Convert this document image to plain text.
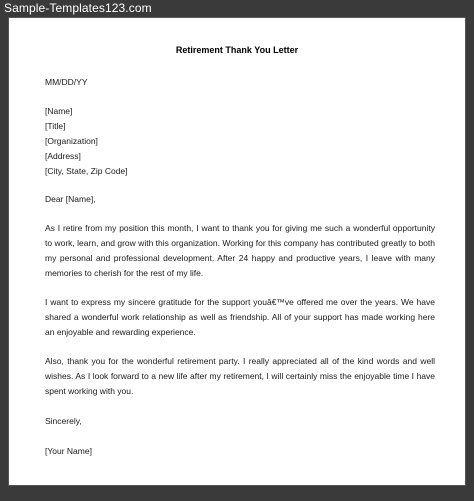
Sample-Templates123.com
Retirement Thank You Letter
MM/DD/YY
[Name]
[Title]
[Organization]
[Address]
[City, State, Zip Code]
Dear [Name],

As I retire from my position this month, I want to thank you for giving me such a wonderful opportunity to work, learn, and grow with this organization. Working for this company has contributed greatly to both my personal and professional development. After 24 happy and productive years, I leave with many memories to cherish for the rest of my life.

I want to express my sincere gratitude for the support youâ€™ve offered me over the years. We have shared a wonderful work relationship as well as friendship. All of your support has made working here an enjoyable and rewarding experience.

Also, thank you for the wonderful retirement party. I really appreciated all of the kind words and well wishes. As I look forward to a new life after my retirement, I will certainly miss the enjoyable time I have spent working with you.

Sincerely,
[Your Name]
